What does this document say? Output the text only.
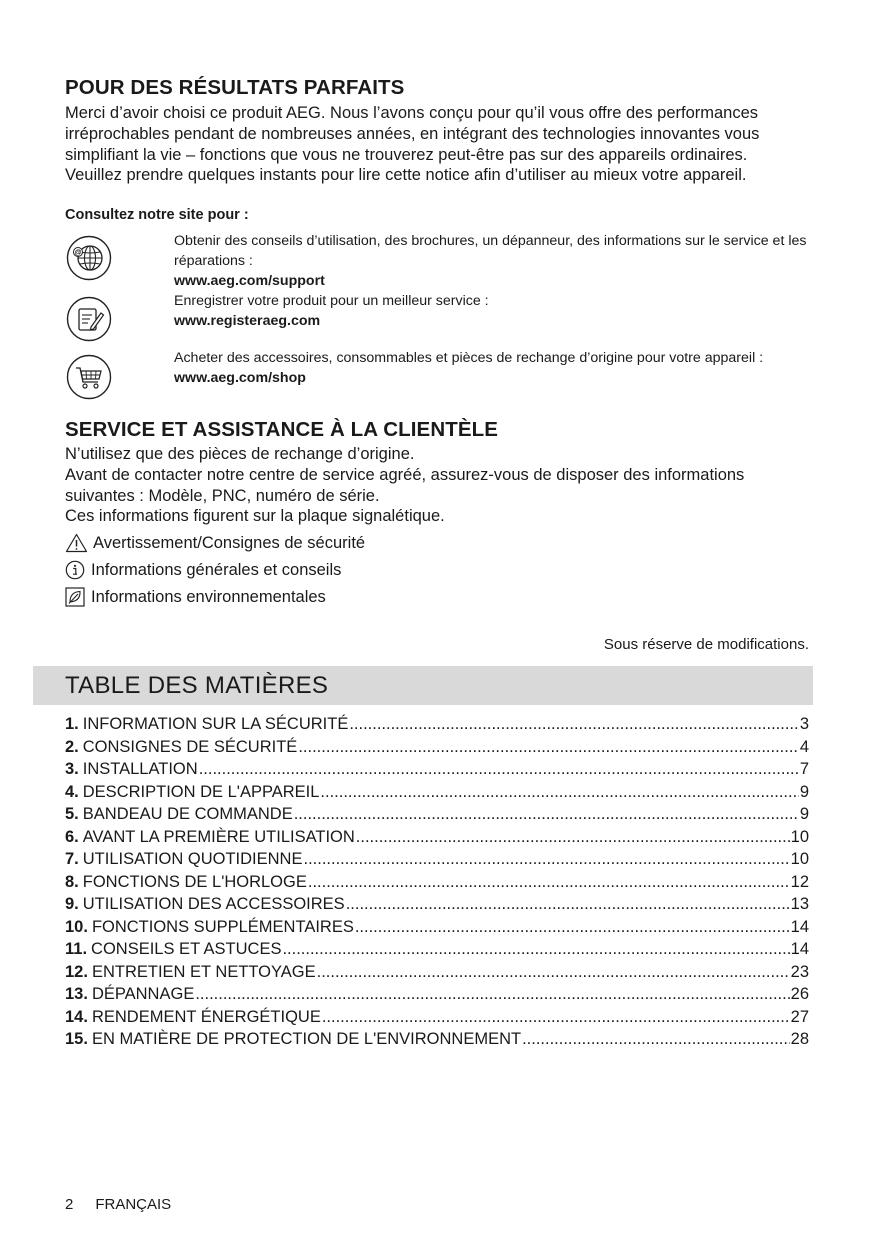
POUR DES RÉSULTATS PARFAITS

Merci d’avoir choisi ce produit AEG. Nous l’avons conçu pour qu’il vous offre des performances irréprochables pendant de nombreuses années, en intégrant des technologies innovantes vous simplifiant la vie – fonctions que vous ne trouverez peut-être pas sur des appareils ordinaires. Veuillez prendre quelques instants pour lire cette notice afin d’utiliser au mieux votre appareil.

Consultez notre site pour :

@

Obtenir des conseils d’utilisation, des brochures, un dépanneur, des informations sur le service et les réparations :
www.aeg.com/support

Enregistrer votre produit pour un meilleur service :
www.registeraeg.com

Acheter des accessoires, consommables et pièces de rechange d’origine pour votre appareil :
www.aeg.com/shop

SERVICE ET ASSISTANCE À LA CLIENTÈLE

N’utilisez que des pièces de rechange d’origine.
Avant de contacter notre centre de service agréé, assurez-vous de disposer des informations suivantes : Modèle, PNC, numéro de série.
Ces informations figurent sur la plaque signalétique.

Avertissement/Consignes de sécurité
Informations générales et conseils
Informations environnementales
Sous réserve de modifications.
TABLE DES MATIÈRES
1. INFORMATION SUR LA SÉCURITÉ .....	3
2. CONSIGNES DE SÉCURITÉ .....	4
3. INSTALLATION .....	7
4. DESCRIPTION DE L'APPAREIL .....	9
5. BANDEAU DE COMMANDE .....	9
6. AVANT LA PREMIÈRE UTILISATION .....	10
7. UTILISATION QUOTIDIENNE .....	10
8. FONCTIONS DE L'HORLOGE .....	12
9. UTILISATION DES ACCESSOIRES .....	13
10. FONCTIONS SUPPLÉMENTAIRES .....	14
11. CONSEILS ET ASTUCES .....	14
12. ENTRETIEN ET NETTOYAGE .....	23
13. DÉPANNAGE .....	26
14. RENDEMENT ÉNERGÉTIQUE .....	27
15. EN MATIÈRE DE PROTECTION DE L'ENVIRONNEMENT .....	28
2 FRANÇAIS
